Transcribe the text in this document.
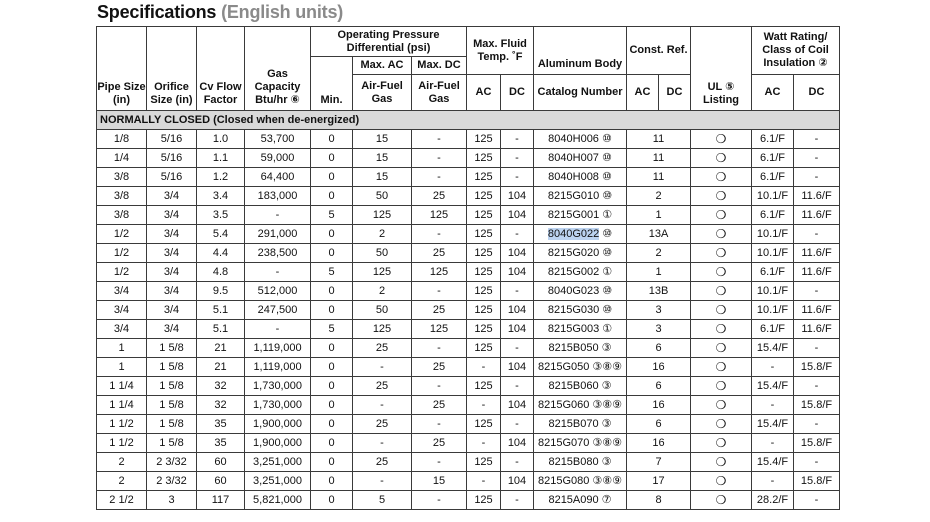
Specifications (English units)
Pipe Size (in)	Orifice Size (in)	Cv Flow Factor	Gas Capacity Btu/hr ⑥	Operating Pressure Differential (psi)			Max. Fluid Temp. ˚F		Aluminum Body	Const. Ref.		UL ⑤ Listing	Watt Rating/ Class of Coil Insulation ②	
				Min.	Max. AC	Max. DC								
					Air-Fuel Gas	Air-Fuel Gas	AC	DC	Catalog Number	AC	DC		AC	DC
NORMALLY CLOSED (Closed when de-energized)														
1/8	5/16	1.0	53,700	0	15	-	125	-	8040H006 ⑩	11		❍	6.1/F	-
1/4	5/16	1.1	59,000	0	15	-	125	-	8040H007 ⑩	11		❍	6.1/F	-
3/8	5/16	1.2	64,400	0	15	-	125	-	8040H008 ⑩	11		❍	6.1/F	-
3/8	3/4	3.4	183,000	0	50	25	125	104	8215G010 ⑩	2		❍	10.1/F	11.6/F
3/8	3/4	3.5	-	5	125	125	125	104	8215G001 ①	1		❍	6.1/F	11.6/F
1/2	3/4	5.4	291,000	0	2	-	125	-	8040G022 ⑩	13A		❍	10.1/F	-
1/2	3/4	4.4	238,500	0	50	25	125	104	8215G020 ⑩	2		❍	10.1/F	11.6/F
1/2	3/4	4.8	-	5	125	125	125	104	8215G002 ①	1		❍	6.1/F	11.6/F
3/4	3/4	9.5	512,000	0	2	-	125	-	8040G023 ⑩	13B		❍	10.1/F	-
3/4	3/4	5.1	247,500	0	50	25	125	104	8215G030 ⑩	3		❍	10.1/F	11.6/F
3/4	3/4	5.1	-	5	125	125	125	104	8215G003 ①	3		❍	6.1/F	11.6/F
1	1 5/8	21	1,119,000	0	25	-	125	-	8215B050 ③	6		❍	15.4/F	-
1	1 5/8	21	1,119,000	0	-	25	-	104	8215G050 ③⑧⑨	16		❍	-	15.8/F
1 1/4	1 5/8	32	1,730,000	0	25	-	125	-	8215B060 ③	6		❍	15.4/F	-
1 1/4	1 5/8	32	1,730,000	0	-	25	-	104	8215G060 ③⑧⑨	16		❍	-	15.8/F
1 1/2	1 5/8	35	1,900,000	0	25	-	125	-	8215B070 ③	6		❍	15.4/F	-
1 1/2	1 5/8	35	1,900,000	0	-	25	-	104	8215G070 ③⑧⑨	16		❍	-	15.8/F
2	2 3/32	60	3,251,000	0	25	-	125	-	8215B080 ③	7		❍	15.4/F	-
2	2 3/32	60	3,251,000	0	-	15	-	104	8215G080 ③⑧⑨	17		❍	-	15.8/F
2 1/2	3	117	5,821,000	0	5	-	125	-	8215A090 ⑦	8		❍	28.2/F	-
